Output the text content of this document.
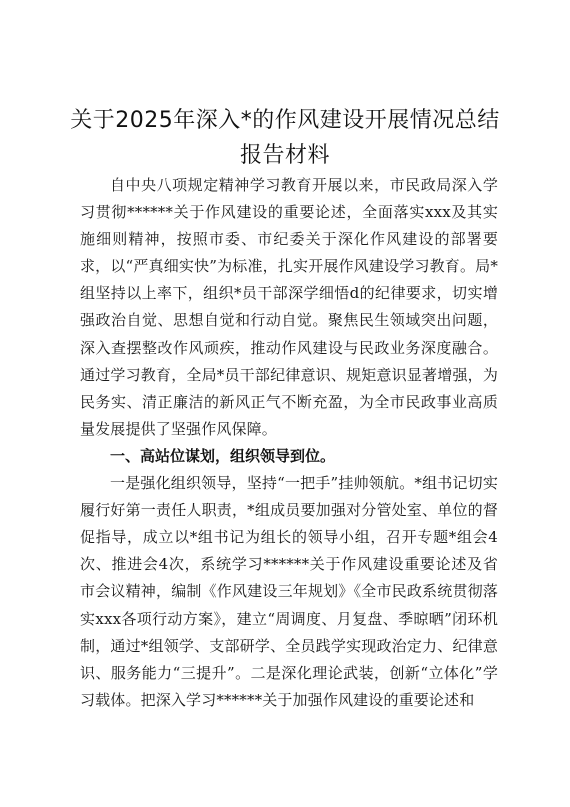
关于2025年深入*的作风建设开展情况总结报告材料

自中央八项规定精神学习教育开展以来，市民政局深入学习贯彻******关于作风建设的重要论述，全面落实xxx及其实施细则精神，按照市委、市纪委关于深化作风建设的部署要求，以“严真细实快”为标准，扎实开展作风建设学习教育。局*组坚持以上率下，组织*员干部深学细悟d的纪律要求，切实增强政治自觉、思想自觉和行动自觉。聚焦民生领域突出问题，深入查摆整改作风顽疾，推动作风建设与民政业务深度融合。通过学习教育，全局*员干部纪律意识、规矩意识显著增强，为民务实、清正廉洁的新风正气不断充盈，为全市民政事业高质量发展提供了坚强作风保障。

一、高站位谋划，组织领导到位。

一是强化组织领导，坚持“一把手”挂帅领航。*组书记切实履行好第一责任人职责，*组成员要加强对分管处室、单位的督促指导，成立以*组书记为组长的领导小组，召开专题*组会4次、推进会4次，系统学习******关于作风建设重要论述及省市会议精神，编制《作风建设三年规划》《全市民政系统贯彻落实xxx各项行动方案》，建立“周调度、月复盘、季晾晒”闭环机制，通过*组领学、支部研学、全员践学实现政治定力、纪律意识、服务能力“三提升”。二是深化理论武装，创新“立体化”学习载体。把深入学习******关于加强作风建设的重要论述和
